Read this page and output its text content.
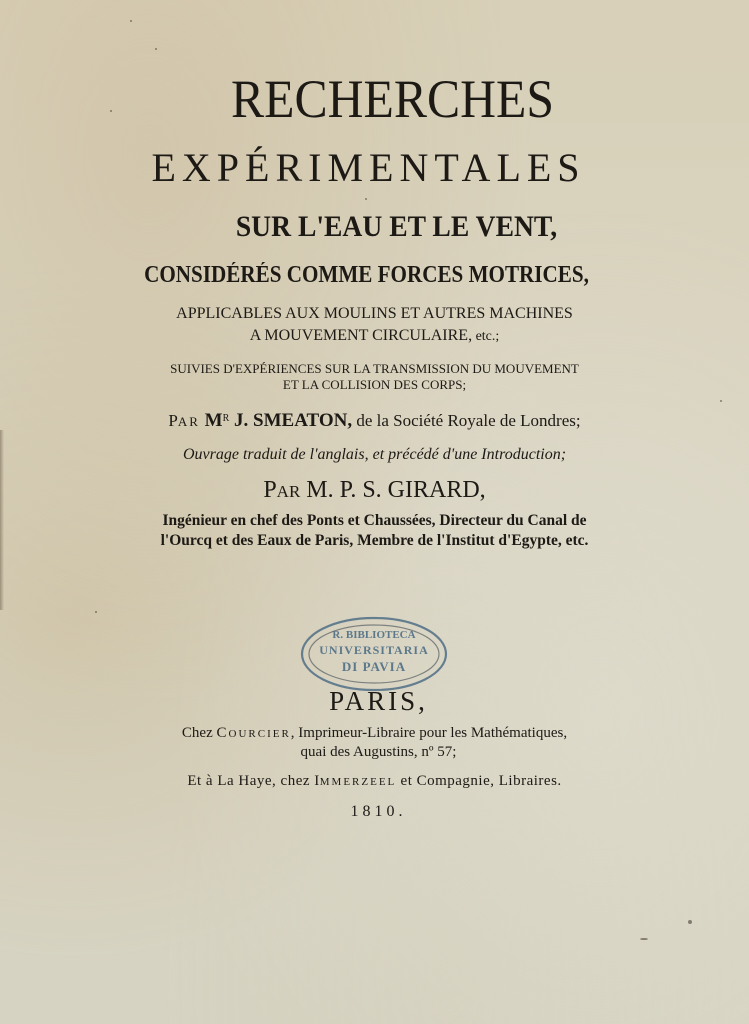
RECHERCHES
EXPÉRIMENTALES
SUR L'EAU ET LE VENT,
CONSIDÉRÉS COMME FORCES MOTRICES,
APPLICABLES AUX MOULINS ET AUTRES MACHINES
A MOUVEMENT CIRCULAIRE, etc.;
SUIVIES D'EXPÉRIENCES SUR LA TRANSMISSION DU MOUVEMENT
ET LA COLLISION DES CORPS;
PAR $M^R$ J. SMEATON, de la Société Royale de Londres;
Ouvrage traduit de l'anglais, et précédé d'une Introduction;
PAR M. P. S. GIRARD,
Ingénieur en chef des Ponts et Chaussées, Directeur du Canal de
l'Ourcq et des Eaux de Paris, Membre de l'Institut d'Egypte, etc.
R. BIBLIOTECA
UNIVERSITARIA
DI PAVIA
PARIS,
Chez COURCIER, Imprimeur-Libraire pour les Mathématiques,
quai des Augustins, nº 57;
Et à La Haye, chez IMMERZEEL et Compagnie, Libraires.
1810.
